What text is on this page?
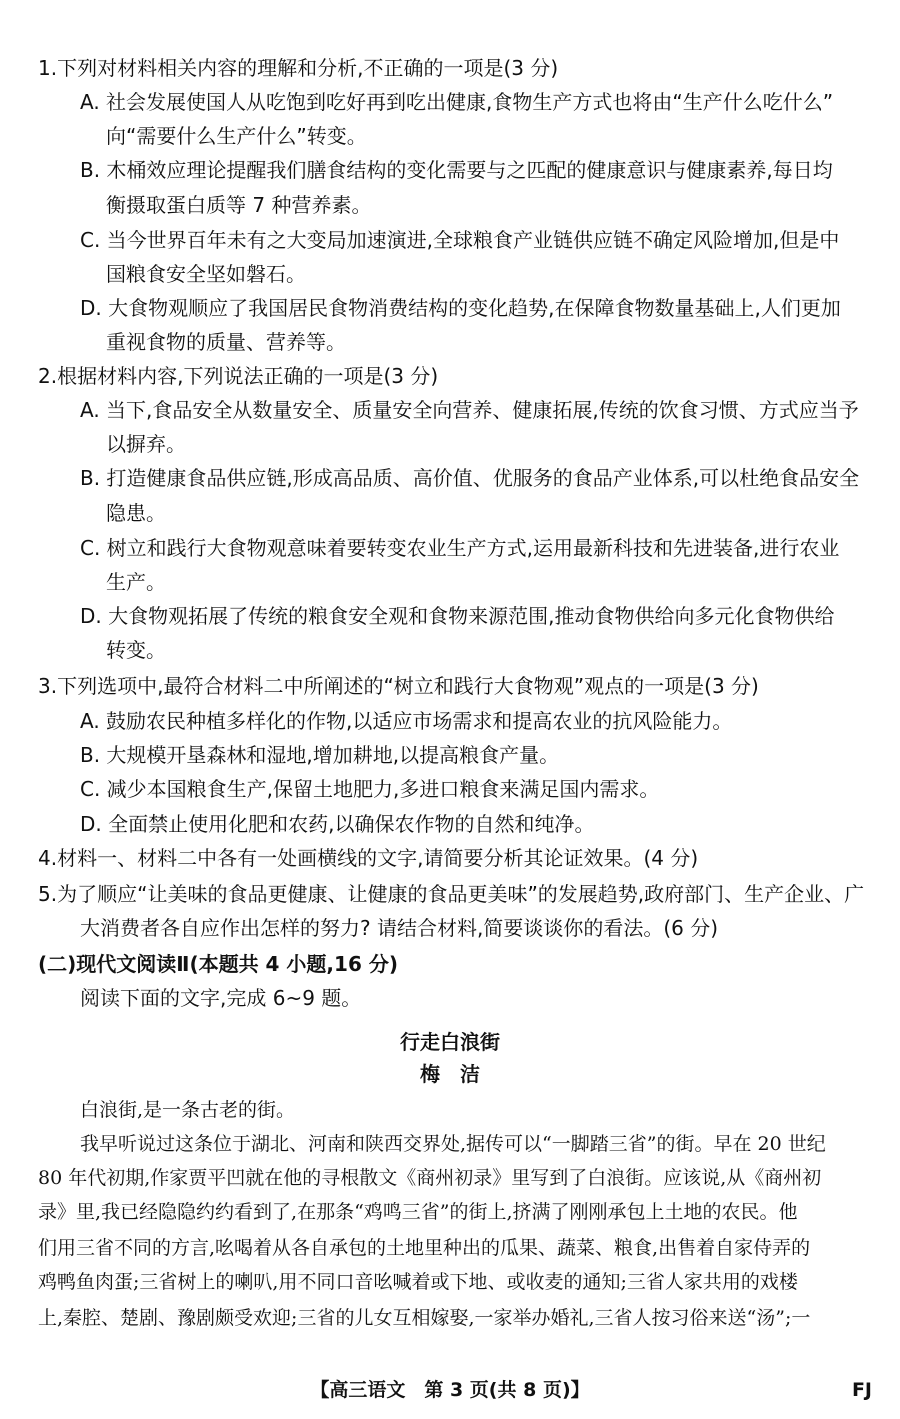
1.下列对材料相关内容的理解和分析,不正确的一项是(3 分)
A. 社会发展使国人从吃饱到吃好再到吃出健康,食物生产方式也将由“生产什么吃什么”
向“需要什么生产什么”转变。
B. 木桶效应理论提醒我们膳食结构的变化需要与之匹配的健康意识与健康素养,每日均
衡摄取蛋白质等 7 种营养素。
C. 当今世界百年未有之大变局加速演进,全球粮食产业链供应链不确定风险增加,但是中
国粮食安全坚如磐石。
D. 大食物观顺应了我国居民食物消费结构的变化趋势,在保障食物数量基础上,人们更加
重视食物的质量、营养等。
2.根据材料内容,下列说法正确的一项是(3 分)
A. 当下,食品安全从数量安全、质量安全向营养、健康拓展,传统的饮食习惯、方式应当予
以摒弃。
B. 打造健康食品供应链,形成高品质、高价值、优服务的食品产业体系,可以杜绝食品安全
隐患。
C. 树立和践行大食物观意味着要转变农业生产方式,运用最新科技和先进装备,进行农业
生产。
D. 大食物观拓展了传统的粮食安全观和食物来源范围,推动食物供给向多元化食物供给
转变。
3.下列选项中,最符合材料二中所阐述的“树立和践行大食物观”观点的一项是(3 分)
A. 鼓励农民种植多样化的作物,以适应市场需求和提高农业的抗风险能力。
B. 大规模开垦森林和湿地,增加耕地,以提高粮食产量。
C. 减少本国粮食生产,保留土地肥力,多进口粮食来满足国内需求。
D. 全面禁止使用化肥和农药,以确保农作物的自然和纯净。
4.材料一、材料二中各有一处画横线的文字,请简要分析其论证效果。(4 分)
5.为了顺应“让美味的食品更健康、让健康的食品更美味”的发展趋势,政府部门、生产企业、广
大消费者各自应作出怎样的努力? 请结合材料,简要谈谈你的看法。(6 分)
(二)现代文阅读Ⅱ(本题共 4 小题,16 分)
阅读下面的文字,完成 6~9 题。
行走白浪街
梅　洁
白浪街,是一条古老的街。
我早听说过这条位于湖北、河南和陕西交界处,据传可以“一脚踏三省”的街。早在 20 世纪
80 年代初期,作家贾平凹就在他的寻根散文《商州初录》里写到了白浪街。应该说,从《商州初
录》里,我已经隐隐约约看到了,在那条“鸡鸣三省”的街上,挤满了刚刚承包上土地的农民。他
们用三省不同的方言,吆喝着从各自承包的土地里种出的瓜果、蔬菜、粮食,出售着自家侍弄的
鸡鸭鱼肉蛋;三省树上的喇叭,用不同口音吆喊着或下地、或收麦的通知;三省人家共用的戏楼
上,秦腔、楚剧、豫剧颇受欢迎;三省的儿女互相嫁娶,一家举办婚礼,三省人按习俗来送“汤”;一
【高三语文　第 3 页(共 8 页)】	FJ
